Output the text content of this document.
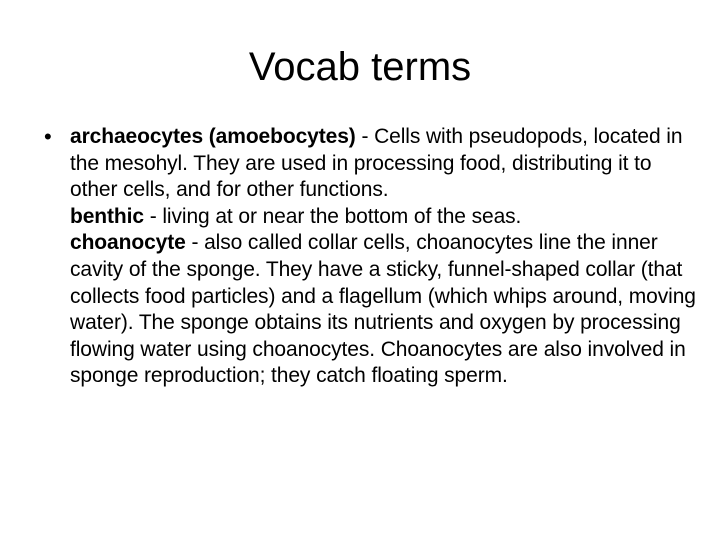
Vocab terms
• archaeocytes (amoebocytes) - Cells with pseudopods, located in the mesohyl. They are used in processing food, distributing it to other cells, and for other functions.
benthic - living at or near the bottom of the seas.
choanocyte - also called collar cells, choanocytes line the inner cavity of the sponge. They have a sticky, funnel-shaped collar (that collects food particles) and a flagellum (which whips around, moving water). The sponge obtains its nutrients and oxygen by processing flowing water using choanocytes. Choanocytes are also involved in sponge reproduction; they catch floating sperm.
